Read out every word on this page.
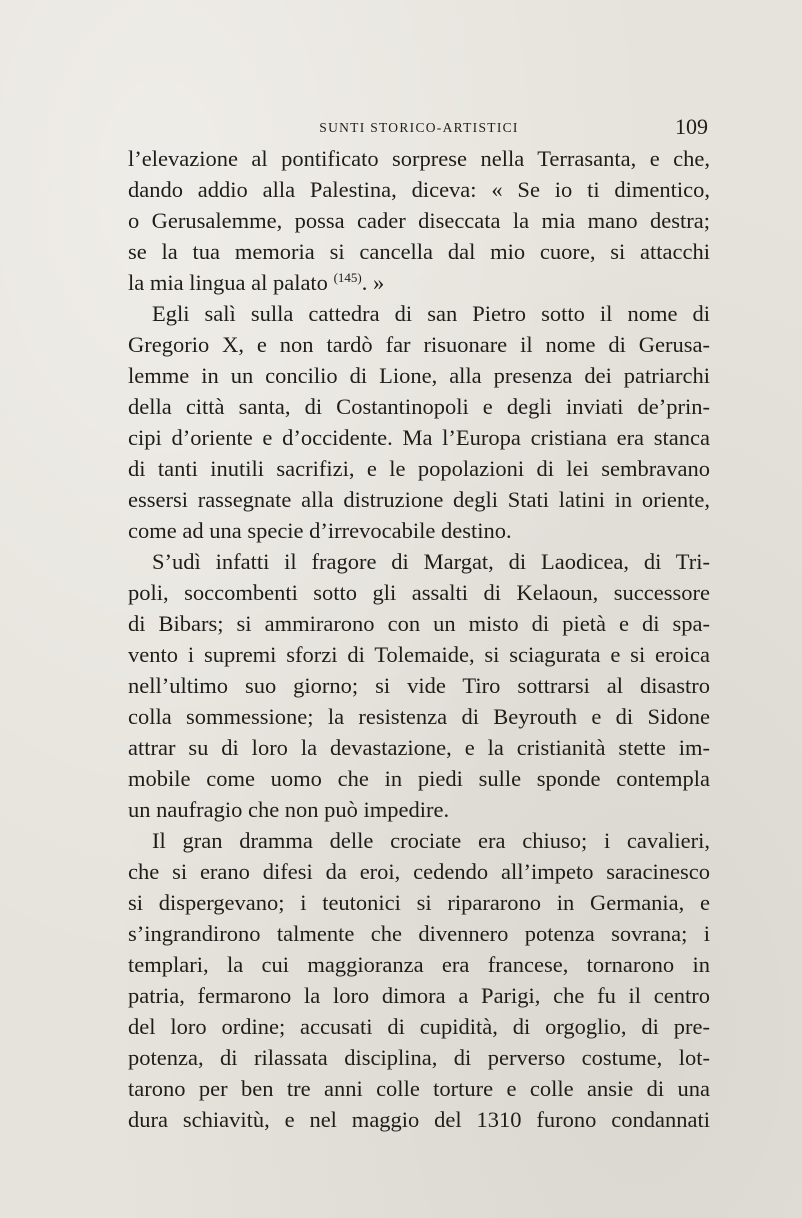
SUNTI STORICO-ARTISTICI	109
l’elevazione al pontificato sorprese nella Terrasanta, e che,
dando addio alla Palestina, diceva: « Se io ti dimentico,
o Gerusalemme, possa cader diseccata la mia mano destra;
se la tua memoria si cancella dal mio cuore, si attacchi
la mia lingua al palato $^{(145)}$. »
Egli salì sulla cattedra di san Pietro sotto il nome di
Gregorio X, e non tardò far risuonare il nome di Gerusa-
lemme in un concilio di Lione, alla presenza dei patriarchi
della città santa, di Costantinopoli e degli inviati de’prin-
cipi d’oriente e d’occidente. Ma l’Europa cristiana era stanca
di tanti inutili sacrifizi, e le popolazioni di lei sembravano
essersi rassegnate alla distruzione degli Stati latini in oriente,
come ad una specie d’irrevocabile destino.
S’udì infatti il fragore di Margat, di Laodicea, di Tri-
poli, soccombenti sotto gli assalti di Kelaoun, successore
di Bibars; si ammirarono con un misto di pietà e di spa-
vento i supremi sforzi di Tolemaide, si sciagurata e si eroica
nell’ultimo suo giorno; si vide Tiro sottrarsi al disastro
colla sommessione; la resistenza di Beyrouth e di Sidone
attrar su di loro la devastazione, e la cristianità stette im-
mobile come uomo che in piedi sulle sponde contempla
un naufragio che non può impedire.
Il gran dramma delle crociate era chiuso; i cavalieri,
che si erano difesi da eroi, cedendo all’impeto saracinesco
si dispergevano; i teutonici si ripararono in Germania, e
s’ingrandirono talmente che divennero potenza sovrana; i
templari, la cui maggioranza era francese, tornarono in
patria, fermarono la loro dimora a Parigi, che fu il centro
del loro ordine; accusati di cupidità, di orgoglio, di pre-
potenza, di rilassata disciplina, di perverso costume, lot-
tarono per ben tre anni colle torture e colle ansie di una
dura schiavitù, e nel maggio del 1310 furono condannati
